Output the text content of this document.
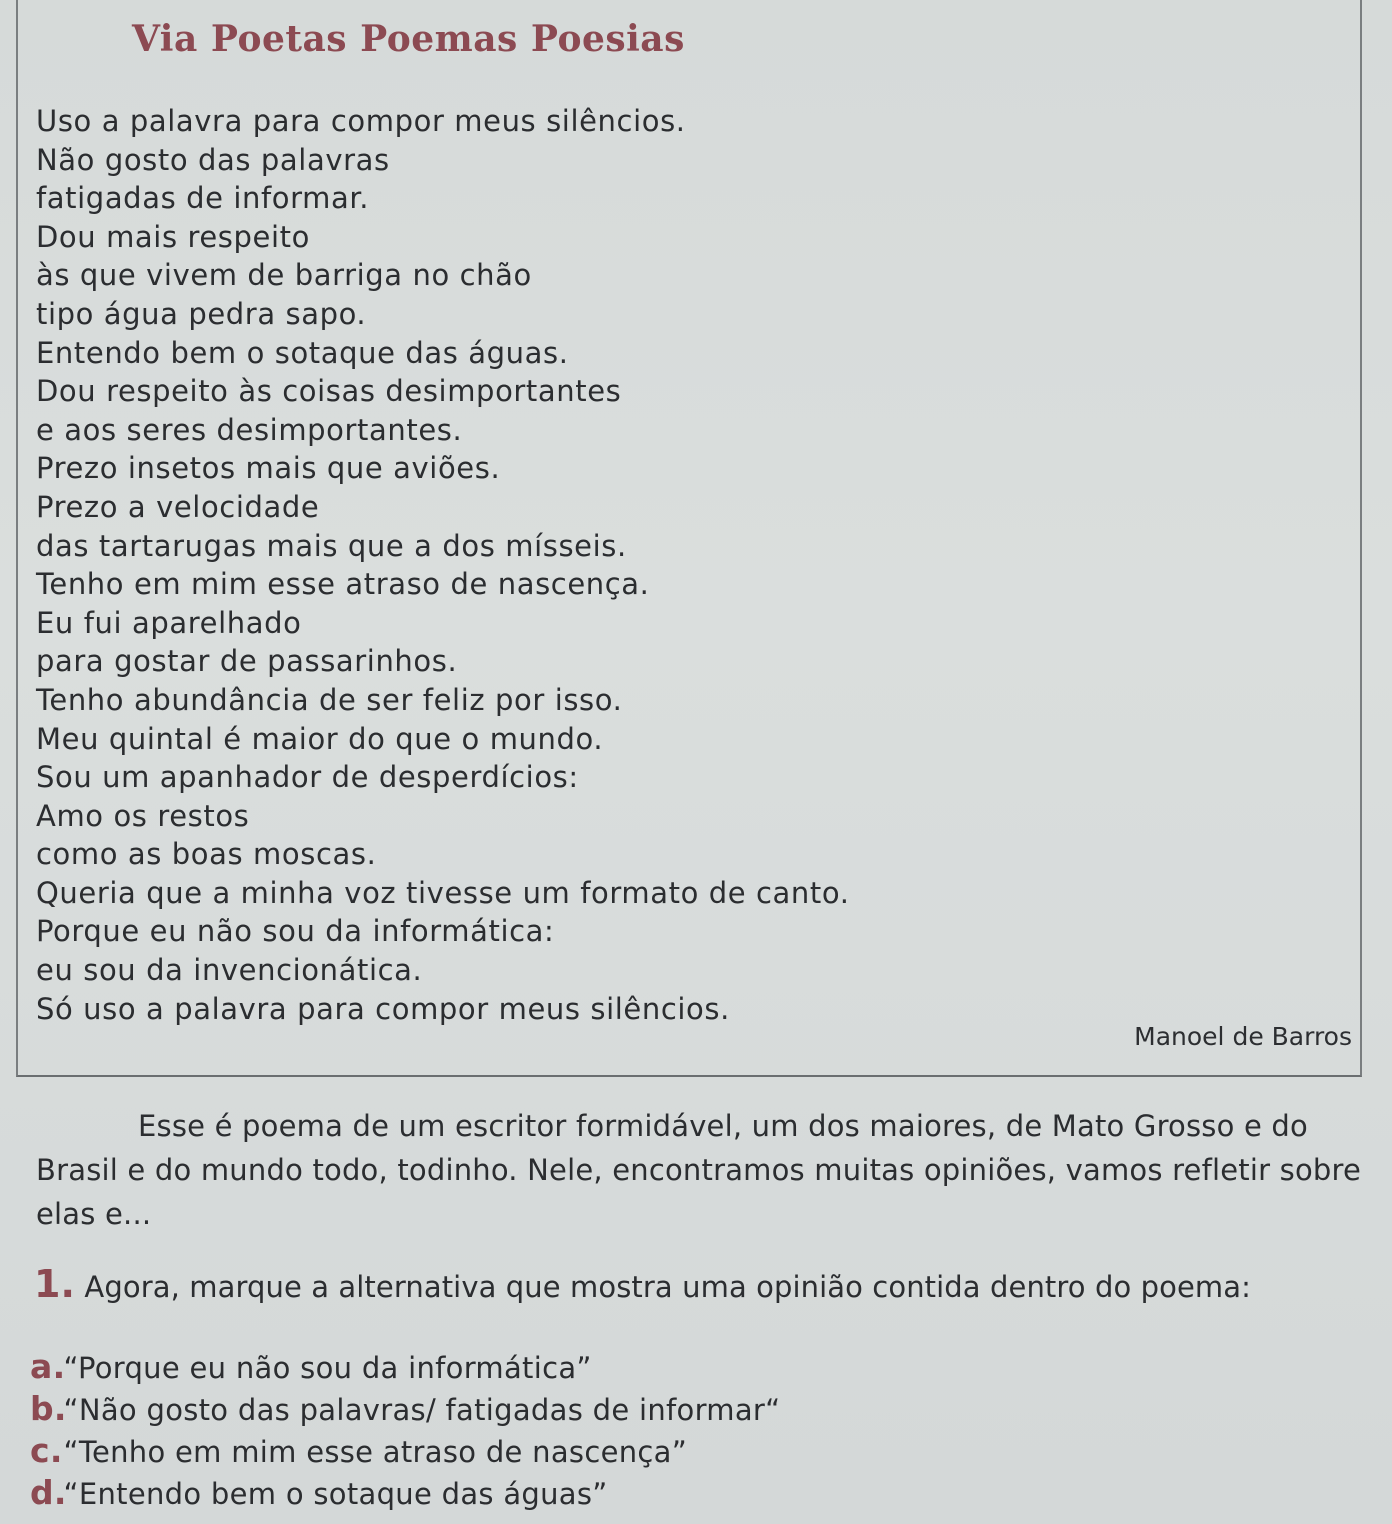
Via Poetas Poemas Poesias
Uso a palavra para compor meus silêncios.
Não gosto das palavras
fatigadas de informar.
Dou mais respeito
às que vivem de barriga no chão
tipo água pedra sapo.
Entendo bem o sotaque das águas.
Dou respeito às coisas desimportantes
e aos seres desimportantes.
Prezo insetos mais que aviões.
Prezo a velocidade
das tartarugas mais que a dos mísseis.
Tenho em mim esse atraso de nascença.
Eu fui aparelhado
para gostar de passarinhos.
Tenho abundância de ser feliz por isso.
Meu quintal é maior do que o mundo.
Sou um apanhador de desperdícios:
Amo os restos
como as boas moscas.
Queria que a minha voz tivesse um formato de canto.
Porque eu não sou da informática:
eu sou da invencionática.
Só uso a palavra para compor meus silêncios.
Manoel de Barros

Esse é poema de um escritor formidável, um dos maiores, de Mato Grosso e do Brasil e do mundo todo, todinho. Nele, encontramos muitas opiniões, vamos refletir sobre elas e...

1. Agora, marque a alternativa que mostra uma opinião contida dentro do poema:
a. “Porque eu não sou da informática”
b. “Não gosto das palavras/ fatigadas de informar“
c. “Tenho em mim esse atraso de nascença”
d. “Entendo bem o sotaque das águas”
